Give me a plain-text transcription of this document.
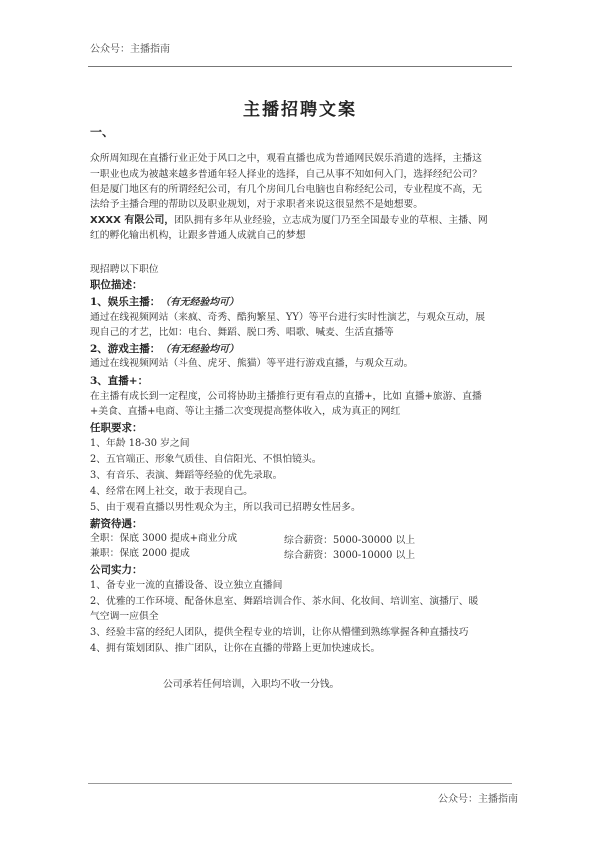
公众号：主播指南
主播招聘文案
一、
众所周知现在直播行业正处于风口之中，观看直播也成为普通网民娱乐消遣的选择，主播这
一职业也成为被越来越多普通年轻人择业的选择，自己从事不知如何入门，选择经纪公司？
但是厦门地区有的所谓经纪公司，有几个房间几台电脑也自称经纪公司，专业程度不高，无
法给予主播合理的帮助以及职业规划，对于求职者来说这很显然不是她想要。
XXXX 有限公司，团队拥有多年从业经验，立志成为厦门乃至全国最专业的草根、主播、网
红的孵化输出机构，让跟多普通人成就自己的梦想
现招聘以下职位
职位描述：
1、娱乐主播：（有无经验均可）
通过在线视频网站（来疯、奇秀、酷狗繁星、YY）等平台进行实时性演艺，与观众互动，展
现自己的才艺，比如：电台、舞蹈、脱口秀、唱歌、喊麦、生活直播等
2、游戏主播：（有无经验均可）
通过在线视频网站（斗鱼、虎牙、熊猫）等平进行游戏直播，与观众互动。
3、直播+：
在主播有成长到一定程度，公司将协助主播推行更有看点的直播+，比如 直播+旅游、直播
+美食、直播+电商、等让主播二次变现提高整体收入，成为真正的网红
任职要求：
1、年龄 18-30 岁之间
2、五官端正、形象气质佳、自信阳光、不惧怕镜头。
3、有音乐、表演、舞蹈等经验的优先录取。
4、经常在网上社交，敢于表现自己。
5、由于观看直播以男性观众为主，所以我司已招聘女性居多。
薪资待遇：
全职：保底 3000 提成+商业分成	综合薪资：5000-30000 以上
兼职：保底 2000 提成	综合薪资：3000-10000 以上
公司实力：
1、备专业一流的直播设备、设立独立直播间
2、优雅的工作环境、配备休息室、舞蹈培训合作、茶水间、化妆间、培训室、演播厅、暖
气空调一应俱全
3、经验丰富的经纪人团队，提供全程专业的培训，让你从懵懂到熟练掌握各种直播技巧
4、拥有策划团队、推广团队，让你在直播的带路上更加快速成长。
公司承若任何培训，入职均不收一分钱。
公众号：主播指南
